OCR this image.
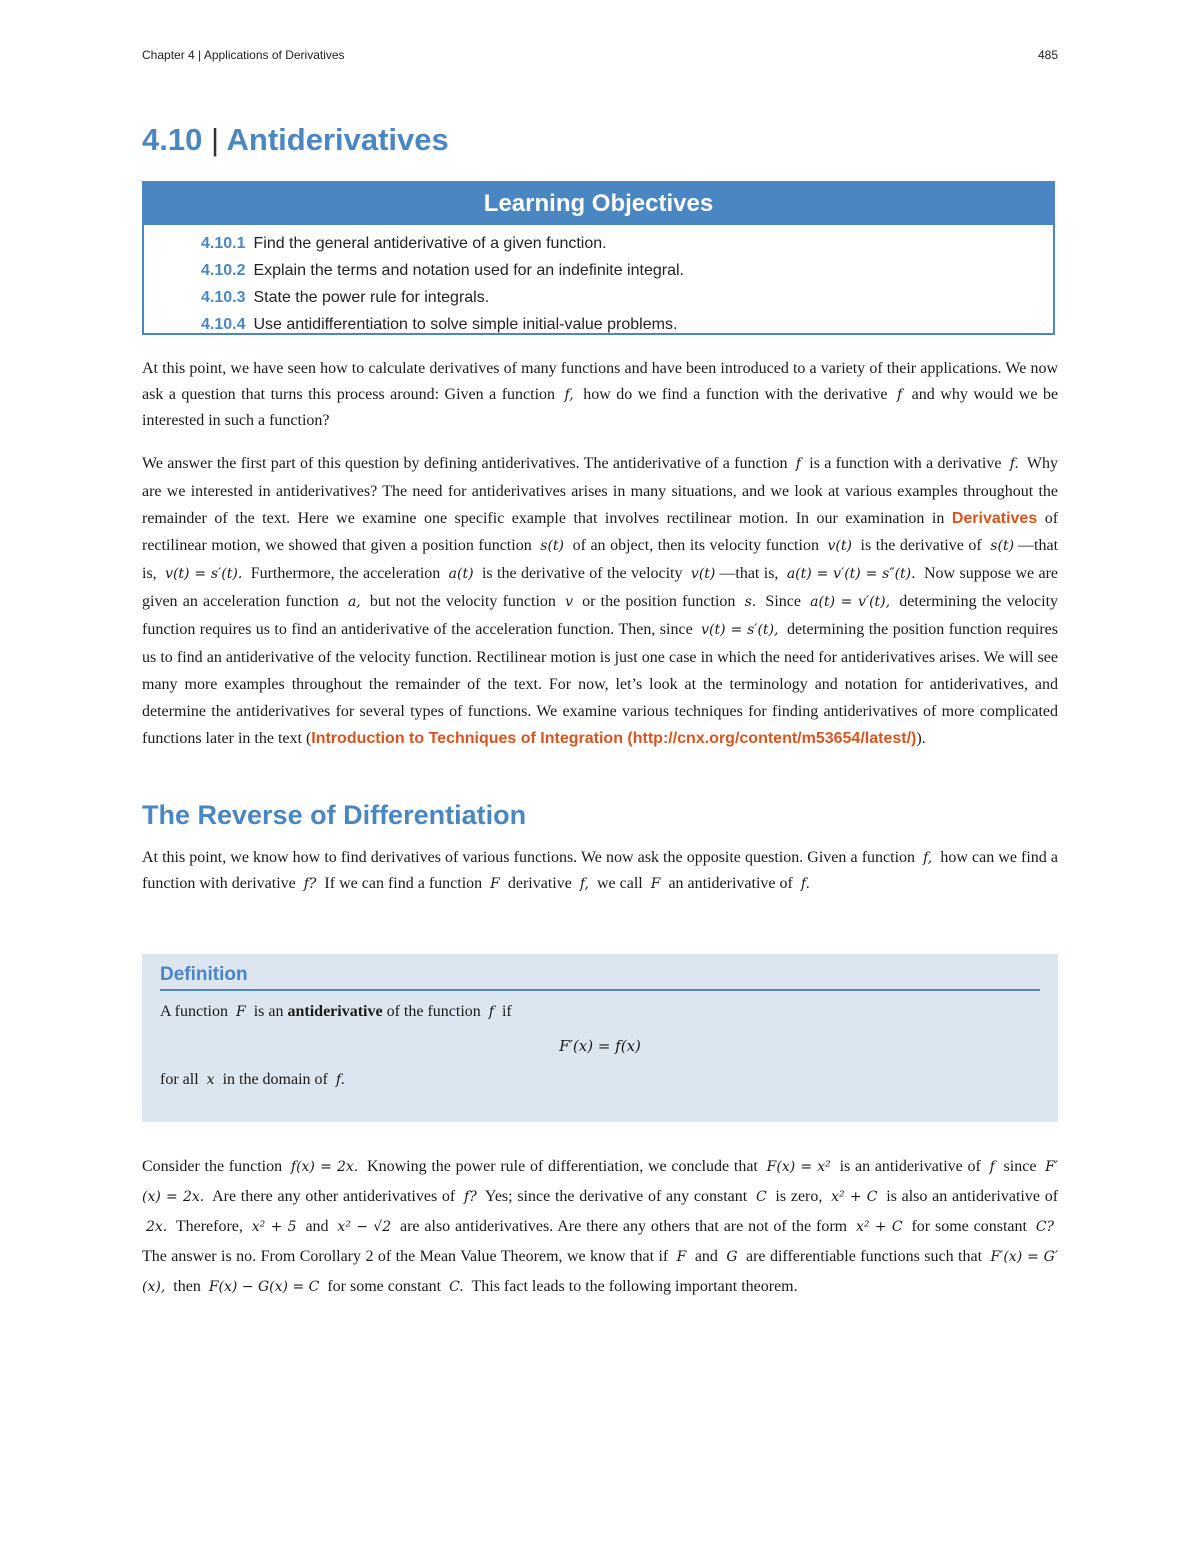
Chapter 4 | Applications of Derivatives	485
4.10 | Antiderivatives
Learning Objectives
4.10.1 Find the general antiderivative of a given function.
4.10.2 Explain the terms and notation used for an indefinite integral.
4.10.3 State the power rule for integrals.
4.10.4 Use antidifferentiation to solve simple initial-value problems.

At this point, we have seen how to calculate derivatives of many functions and have been introduced to a variety of their applications. We now ask a question that turns this process around: Given a function f, how do we find a function with the derivative f and why would we be interested in such a function?

We answer the first part of this question by defining antiderivatives. The antiderivative of a function f is a function with a derivative f. Why are we interested in antiderivatives? The need for antiderivatives arises in many situations, and we look at various examples throughout the remainder of the text. Here we examine one specific example that involves rectilinear motion. In our examination in Derivatives of rectilinear motion, we showed that given a position function s(t) of an object, then its velocity function v(t) is the derivative of s(t) —that is, v(t) = s′(t). Furthermore, the acceleration a(t) is the derivative of the velocity v(t) —that is, a(t) = v′(t) = s″(t). Now suppose we are given an acceleration function a, but not the velocity function v or the position function s. Since a(t) = v′(t), determining the velocity function requires us to find an antiderivative of the acceleration function. Then, since v(t) = s′(t), determining the position function requires us to find an antiderivative of the velocity function. Rectilinear motion is just one case in which the need for antiderivatives arises. We will see many more examples throughout the remainder of the text. For now, let’s look at the terminology and notation for antiderivatives, and determine the antiderivatives for several types of functions. We examine various techniques for finding antiderivatives of more complicated functions later in the text (Introduction to Techniques of Integration (http://cnx.org/content/m53654/latest/)).

The Reverse of Differentiation

At this point, we know how to find derivatives of various functions. We now ask the opposite question. Given a function f, how can we find a function with derivative f? If we can find a function F derivative f, we call F an antiderivative of f.

Definition
A function F is an antiderivative of the function f if
F′(x) = f(x)
for all x in the domain of f.

Consider the function f(x) = 2x. Knowing the power rule of differentiation, we conclude that F(x) = x² is an antiderivative of f since F′(x) = 2x. Are there any other antiderivatives of f? Yes; since the derivative of any constant C is zero, x² + C is also an antiderivative of 2x. Therefore, x² + 5 and x² − √2 are also antiderivatives. Are there any others that are not of the form x² + C for some constant C? The answer is no. From Corollary 2 of the Mean Value Theorem, we know that if F and G are differentiable functions such that F′(x) = G′(x), then F(x) − G(x) = C for some constant C. This fact leads to the following important theorem.
